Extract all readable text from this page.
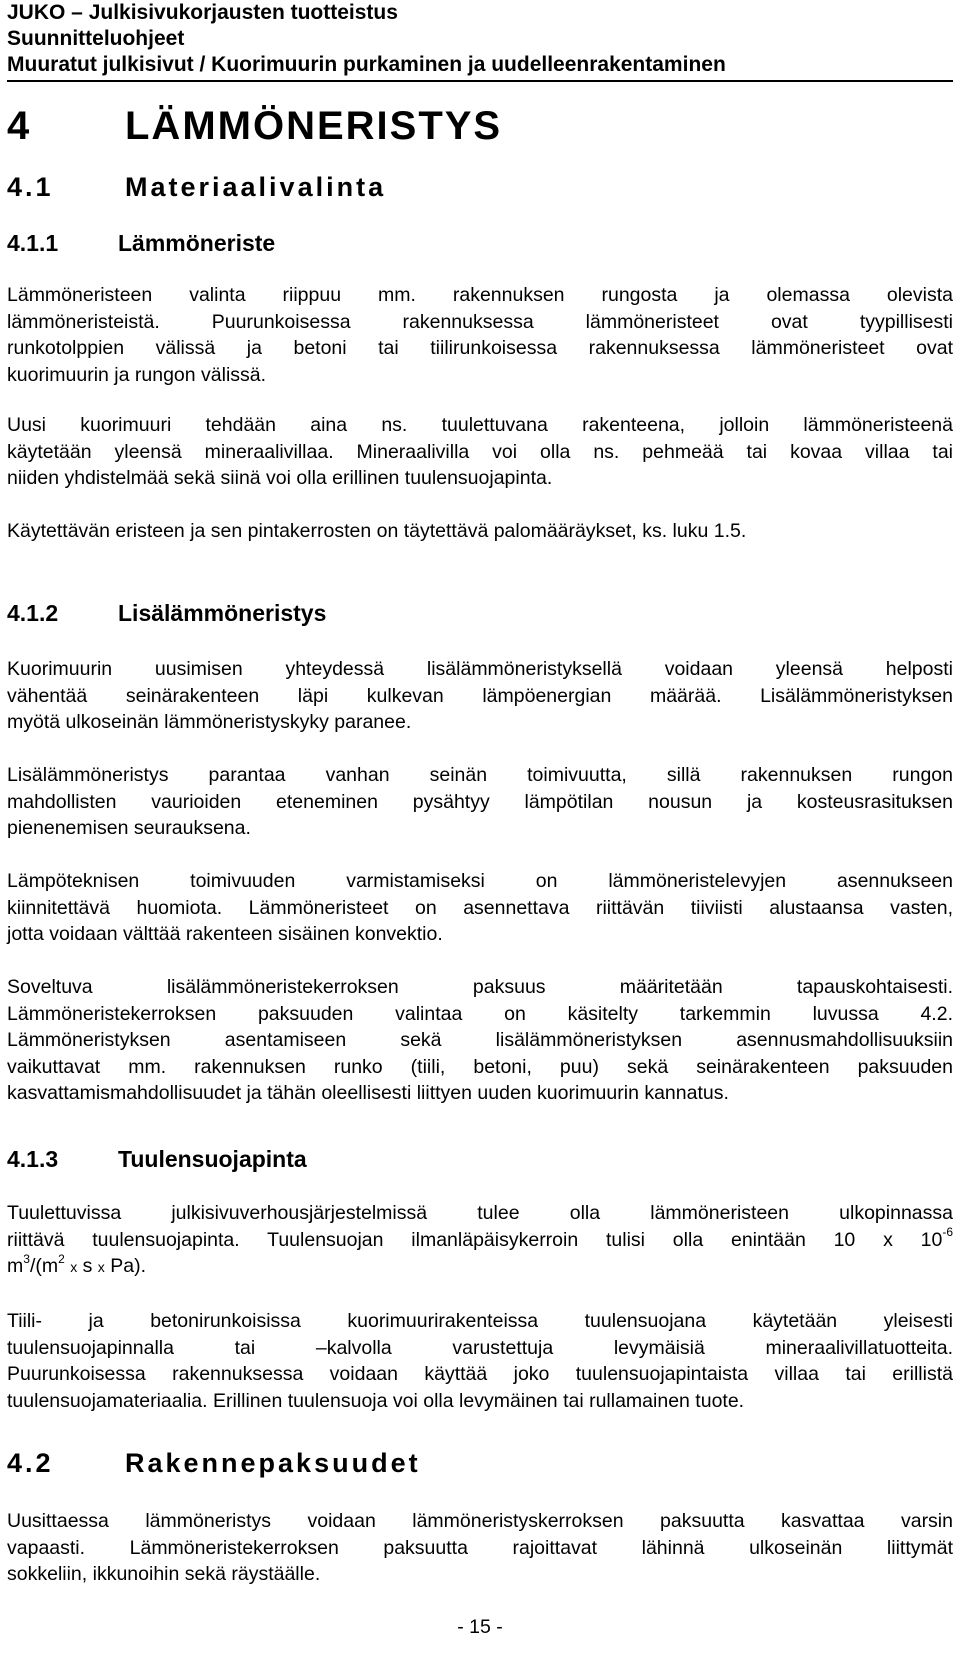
JUKO – Julkisivukorjausten tuotteistus
Suunnitteluohjeet
Muuratut julkisivut / Kuorimuurin purkaminen ja uudelleenrakentaminen
4 LÄMMÖNERISTYS
4.1	Materiaalivalinta
4.1.1	Lämmöneriste
Lämmöneristeen valinta riippuu mm. rakennuksen rungosta ja olemassa olevista
lämmöneristeistä. Puurunkoisessa rakennuksessa lämmöneristeet ovat tyypillisesti
runkotolppien välissä ja betoni tai tiilirunkoisessa rakennuksessa lämmöneristeet ovat
kuorimuurin ja rungon välissä.
Uusi kuorimuuri tehdään aina ns. tuulettuvana rakenteena, jolloin lämmöneristeenä
käytetään yleensä mineraalivillaa. Mineraalivilla voi olla ns. pehmeää tai kovaa villaa tai
niiden yhdistelmää sekä siinä voi olla erillinen tuulensuojapinta.
Käytettävän eristeen ja sen pintakerrosten on täytettävä palomääräykset, ks. luku 1.5.
4.1.2	Lisälämmöneristys
Kuorimuurin uusimisen yhteydessä lisälämmöneristyksellä voidaan yleensä helposti
vähentää seinärakenteen läpi kulkevan lämpöenergian määrää. Lisälämmöneristyksen
myötä ulkoseinän lämmöneristyskyky paranee.
Lisälämmöneristys parantaa vanhan seinän toimivuutta, sillä rakennuksen rungon
mahdollisten vaurioiden eteneminen pysähtyy lämpötilan nousun ja kosteusrasituksen
pienenemisen seurauksena.
Lämpöteknisen toimivuuden varmistamiseksi on lämmöneristelevyjen asennukseen
kiinnitettävä huomiota. Lämmöneristeet on asennettava riittävän tiiviisti alustaansa vasten,
jotta voidaan välttää rakenteen sisäinen konvektio.
Soveltuva lisälämmöneristekerroksen paksuus määritetään tapauskohtaisesti.
Lämmöneristekerroksen paksuuden valintaa on käsitelty tarkemmin luvussa 4.2.
Lämmöneristyksen asentamiseen sekä lisälämmöneristyksen asennusmahdollisuuksiin
vaikuttavat mm. rakennuksen runko (tiili, betoni, puu) sekä seinärakenteen paksuuden
kasvattamismahdollisuudet ja tähän oleellisesti liittyen uuden kuorimuurin kannatus.
4.1.3	Tuulensuojapinta
Tuulettuvissa julkisivuverhousjärjestelmissä tulee olla lämmöneristeen ulkopinnassa
riittävä tuulensuojapinta. Tuulensuojan ilmanläpäisykerroin tulisi olla enintään 10 x $10^{-6}$
$m^3/(m^2$ x s x Pa).
Tiili- ja betonirunkoisissa kuorimuurirakenteissa tuulensuojana käytetään yleisesti
tuulensuojapinnalla tai –kalvolla varustettuja levymäisiä mineraalivillatuotteita.
Puurunkoisessa rakennuksessa voidaan käyttää joko tuulensuojapintaista villaa tai erillistä
tuulensuojamateriaalia. Erillinen tuulensuoja voi olla levymäinen tai rullamainen tuote.
4.2	Rakennepaksuudet
Uusittaessa lämmöneristys voidaan lämmöneristyskerroksen paksuutta kasvattaa varsin
vapaasti. Lämmöneristekerroksen paksuutta rajoittavat lähinnä ulkoseinän liittymät
sokkeliin, ikkunoihin sekä räystäälle.
- 15 -
